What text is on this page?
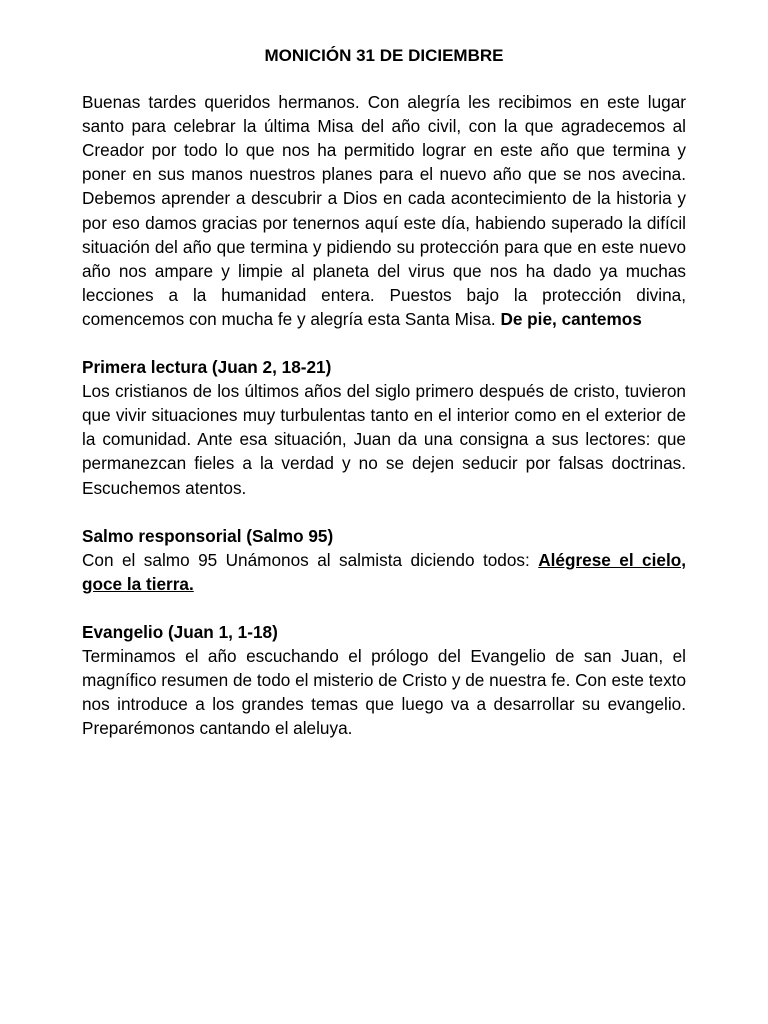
MONICIÓN 31 DE DICIEMBRE

Buenas tardes queridos hermanos. Con alegría les recibimos en este lugar santo para celebrar la última Misa del año civil, con la que agradecemos al Creador por todo lo que nos ha permitido lograr en este año que termina y poner en sus manos nuestros planes para el nuevo año que se nos avecina. Debemos aprender a descubrir a Dios en cada acontecimiento de la historia y por eso damos gracias por tenernos aquí este día, habiendo superado la difícil situación del año que termina y pidiendo su protección para que en este nuevo año nos ampare y limpie al planeta del virus que nos ha dado ya muchas lecciones a la humanidad entera. Puestos bajo la protección divina, comencemos con mucha fe y alegría esta Santa Misa. De pie, cantemos

Primera lectura (Juan 2, 18-21)

Los cristianos de los últimos años del siglo primero después de cristo, tuvieron que vivir situaciones muy turbulentas tanto en el interior como en el exterior de la comunidad. Ante esa situación, Juan da una consigna a sus lectores: que permanezcan fieles a la verdad y no se dejen seducir por falsas doctrinas. Escuchemos atentos.

Salmo responsorial (Salmo 95)

Con el salmo 95 Unámonos al salmista diciendo todos: Alégrese el cielo, goce la tierra.

Evangelio (Juan 1, 1-18)

Terminamos el año escuchando el prólogo del Evangelio de san Juan, el magnífico resumen de todo el misterio de Cristo y de nuestra fe. Con este texto nos introduce a los grandes temas que luego va a desarrollar su evangelio. Preparémonos cantando el aleluya.
